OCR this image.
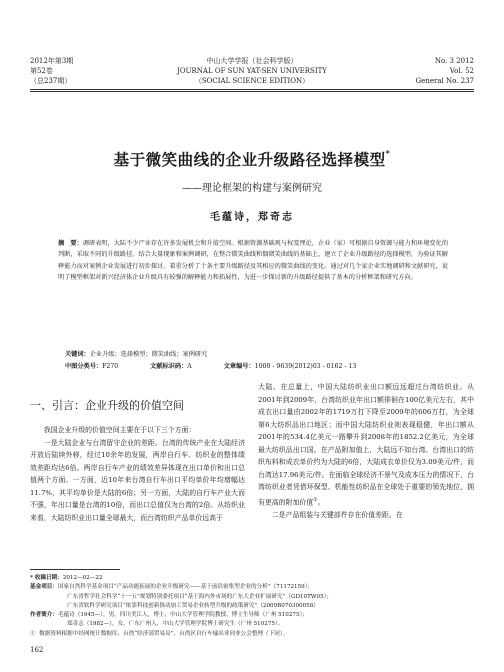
2012年第3期
第52卷
（总237期）
中山大学学报（社会科学版）
JOURNAL OF SUN YAT-SEN UNIVERSITY
（SOCIAL SCIENCE EDITION）
No. 3 2012
Vol. 52
General No. 237
基于微笑曲线的企业升级路径选择模型*
——理论框架的构建与案例研究
毛蕴诗，郑奇志
摘　要：调研表明，大陆不少产业存在许多发展机会和升值空间。根据资源基础观与权变理论，企业（家）可根据自身资源与能力和环境变化的判断，采取不同的升级路径。结合大量现象和案例调研，在整合微笑曲线和偶微笑曲线的基础上，建立了企业升级路径的选择模型，为验证其解释能力而对案例企业发展进行初步探讨。着重分析了十条主要升级路径及其相应的微笑曲线的变化。通过对几个家企业实地调研和文献研究，说明了模型框架对新兴经济体企业升级具有较强的解释能力和拓展性，为进一步探讨新的升级路径提供了基本的分析框架和研究方向。
关键词：企业升级；选择模型；微笑曲线；案例研究
中图分类号：F270	文献标识码：A	文章编号：1000 - 9639(2012)03 - 0162 - 13
一、引言：企业升级的价值空间

我国企业升级的价值空间主要在于以下三个方面：

一是大陆企业与台湾留守企业的差距。台湾的传统产业在大陆经济开放后陆续外移，经过10余年的发展，两岸自行车、纺织业的整体绩效差距均达6倍。两岸自行车产业的绩效差异体现在出口单价和出口总值两个方面。一方面，近10年来台湾自行车出口平均单价年均增幅达11.7%，其平均单价是大陆的6倍；另一方面，大陆的自行车产业大而不强，年出口量是台湾的10倍，而出口总值仅为台湾的2倍。从纺织业来看，大陆纺织业出口量全球最大，而台湾纺织产品单价远高于

大陆。在总量上，中国大陆纺织业出口额远远超过台湾纺织业。从2001年到2009年，台湾纺织业年出口额徘徊在100亿美元左右，其中成衣出口量由2002年的1719万打下降至2009年的606万打，为全球第6大纺织品出口地区；而中国大陆纺织业则表现稳健，年出口额从2001年的534.4亿美元一路攀升到2008年的1852.2亿美元，为全球最大纺织品出口国。在产品附加值上，大陆远不如台湾。台湾出口的纺织布料和成衣单价约为大陆的6倍，大陆成衣单价仅为3.09美元/件，而台湾达17.96美元/件。在面临全球经济不景气及成本压力的情况下，台湾纺织业者凭借环保型、机能性纺织品在全球处于重要的领先地位，拥有更高的附加价值①。

二是产品组装与关键部件存在价值差距。在

* 收稿日期：2012—02—22
基金项目：国家自然科学基金项目“产品功能拓展的企业升级研究——基于前沿密集型企业的分析”（71172159）；
广东省哲学社会科学“十一五”规划特别委托项目“基于海内外市场的广东大企业扩展研究”（GD10TW05）；
广东省软科学研究项目“依靠科技创新推动加工贸易企业转型升级的政策研究”（2009B070300058）
作者简介：毛蕴诗（1945—），男，四川美江人，博士，中山大学管理学院教授、博士生导师（广州 510275）；
郑奇志（1982—），女，广东广州人，中山大学管理学院博士研究生（广州 510275）。
① 数据资料根据中经网统计数据库、台湾“经济部贸易局”、台湾区自行车输出业同业公会整理（下同）。
162
